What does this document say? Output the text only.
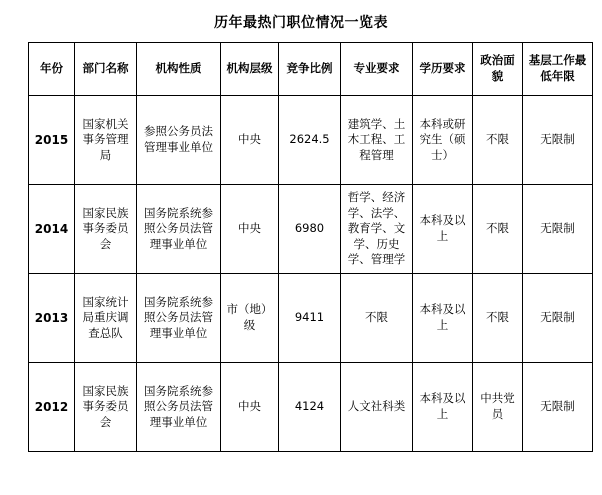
历年最热门职位情况一览表
年份	部门名称	机构性质	机构层级	竞争比例	专业要求	学历要求	政治面貌	基层工作最低年限
2015	国家机关事务管理局	参照公务员法管理事业单位	中央	2624.5	建筑学、土木工程、工程管理	本科或研究生（硕士）	不限	无限制
2014	国家民族事务委员会	国务院系统参照公务员法管理事业单位	中央	6980	哲学、经济学、法学、教育学、文学、历史学、管理学	本科及以上	不限	无限制
2013	国家统计局重庆调查总队	国务院系统参照公务员法管理事业单位	市（地）级	9411	不限	本科及以上	不限	无限制
2012	国家民族事务委员会	国务院系统参照公务员法管理事业单位	中央	4124	人文社科类	本科及以上	中共党员	无限制
